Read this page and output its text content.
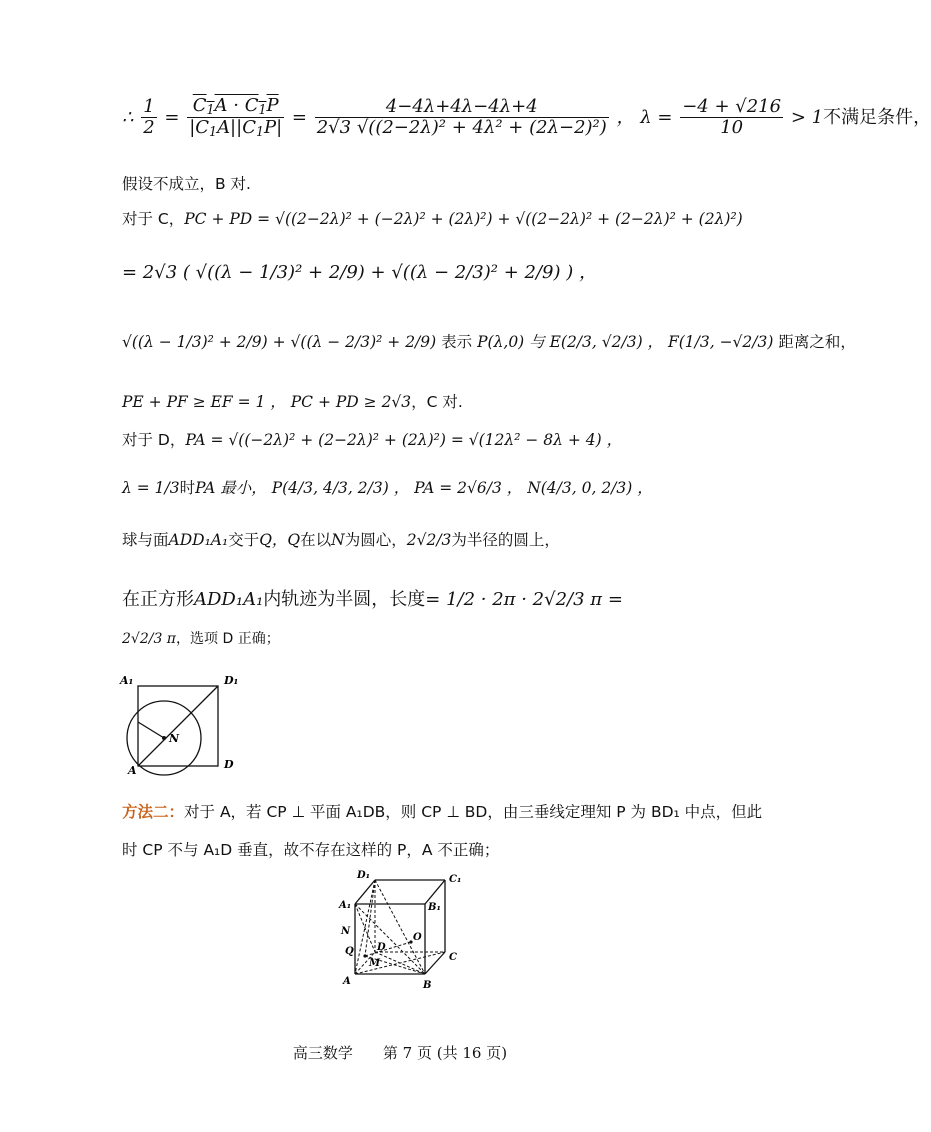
∴ $\frac{1}{2} = \frac{C_1A \cdot C_1P}{|C_1A||C_1P|} = \frac{4-4\lambda+4\lambda-4\lambda+4}{\text{2√3 √((2−2λ)² + 4λ² + (2λ−2)²)}}$ ， $\lambda = \frac{-4 + √216}{10} > 1$不满足条件，
假设不成立，B 对.
对于 C，PC + PD = √((2−2λ)² + (−2λ)² + (2λ)²) + √((2−2λ)² + (2−2λ)² + (2λ)²)
= 2√3 ( √((λ − 1/3)² + 2/9) + √((λ − 2/3)² + 2/9) ) ，
√((λ − 1/3)² + 2/9) + √((λ − 2/3)² + 2/9) 表示 P(λ,0) 与 E(2/3, √2/3) ， F(1/3, −√2/3) 距离之和，
PE + PF ≥ EF = 1 ， PC + PD ≥ 2√3，C 对.
对于 D，PA = √((−2λ)² + (2−2λ)² + (2λ)²) = √(12λ² − 8λ + 4) ，
λ = 1/3时PA 最小， P(4/3, 4/3, 2/3) ， PA = 2√6/3 ， N(4/3, 0, 2/3) ，
球与面ADD₁A₁交于Q，Q在以N为圆心，2√2/3为半径的圆上，
在正方形ADD₁A₁内轨迹为半圆，长度= 1/2 · 2π · 2√2/3 π =
2√2/3 π，选项 D 正确；
A₁	D₁
A	D
N
方法二：对于 A，若 CP ⊥ 平面 A₁DB，则 CP ⊥ BD，由三垂线定理知 P 为 BD₁ 中点，但此
时 CP 不与 A₁D 垂直，故不存在这样的 P，A 不正确；
D₁	C₁
A₁	B₁
N
Q
O
D
C
M
A	B
高三数学　　第 7 页 (共 16 页)
